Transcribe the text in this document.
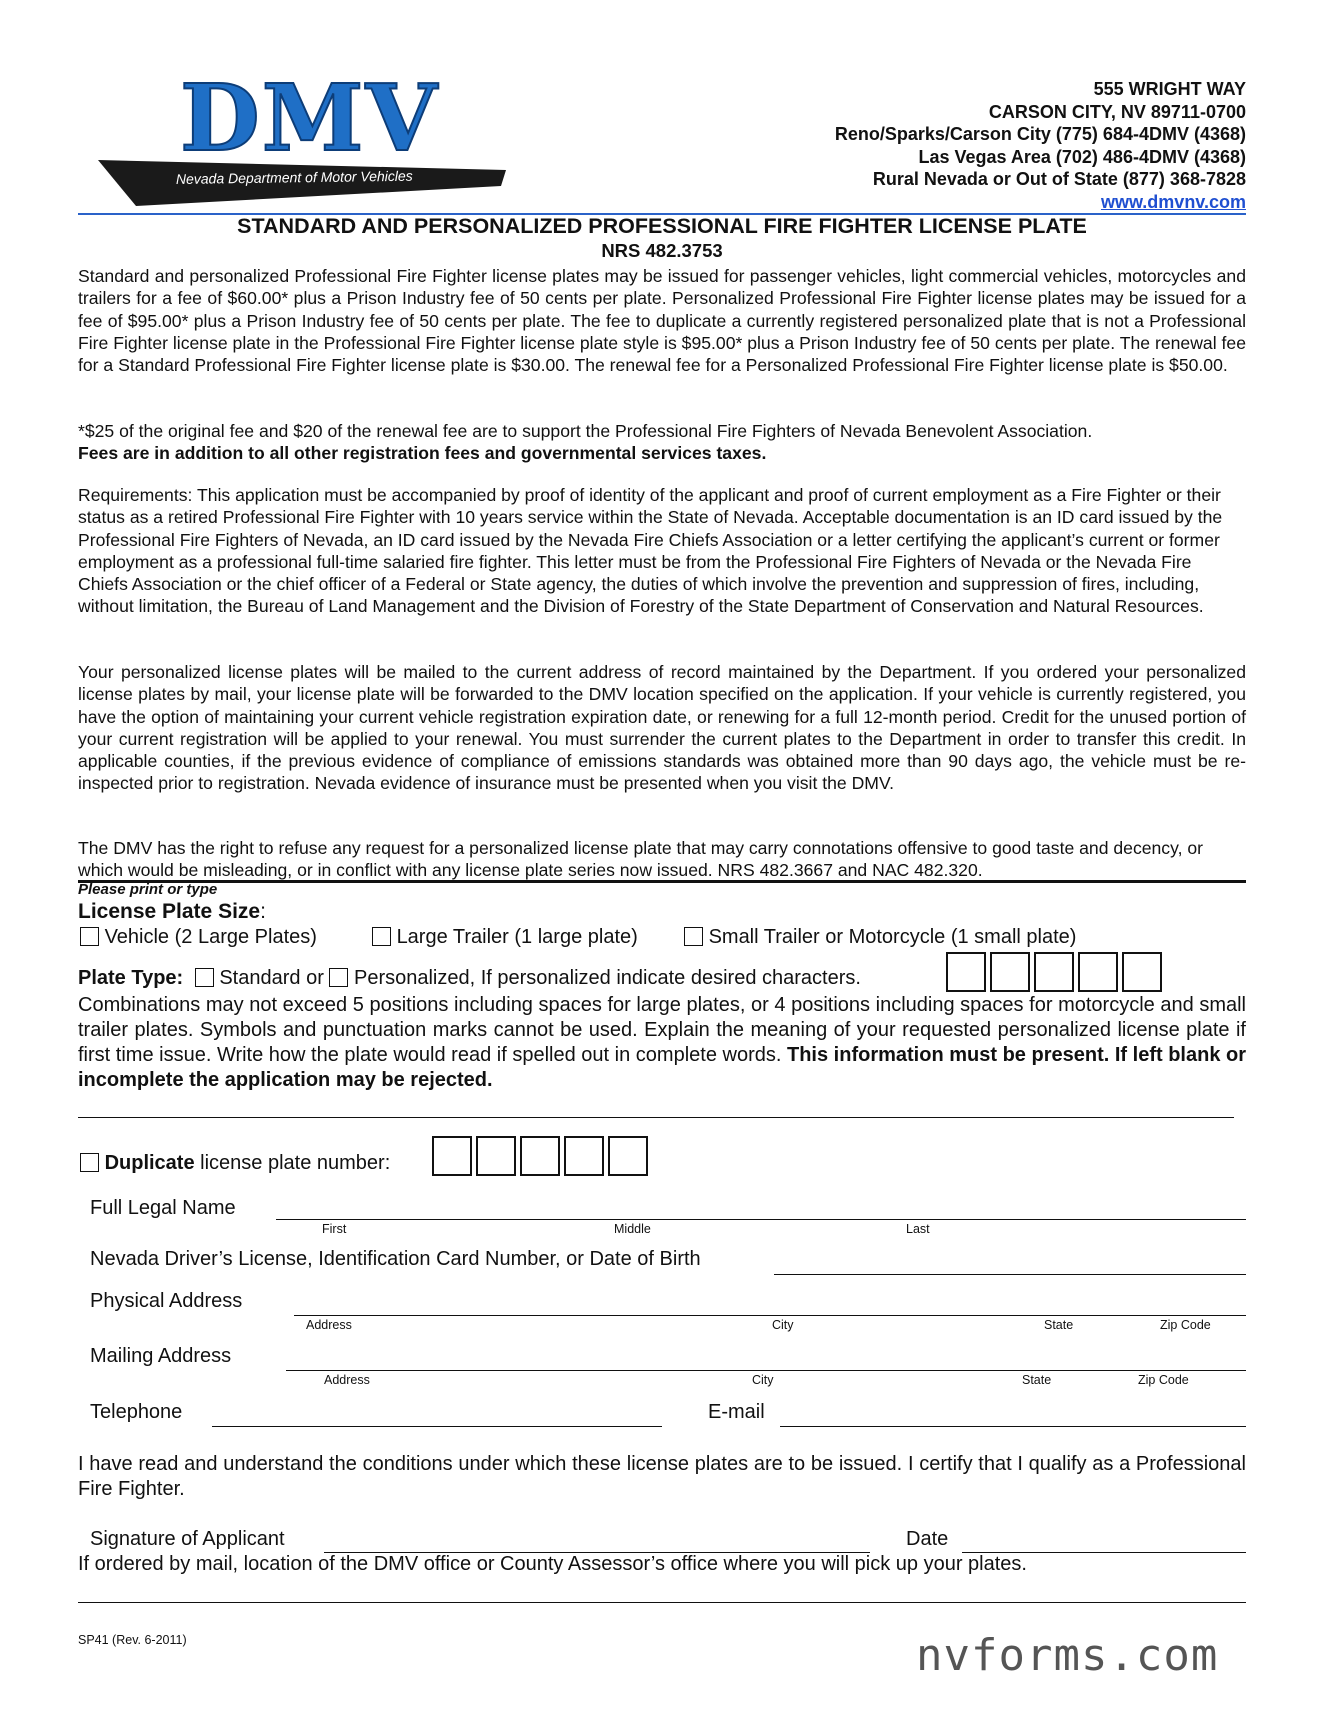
DMV
Nevada Department of Motor Vehicles
555 WRIGHT WAY
CARSON CITY, NV 89711-0700
Reno/Sparks/Carson City (775) 684-4DMV (4368)
Las Vegas Area (702) 486-4DMV (4368)
Rural Nevada or Out of State (877) 368-7828
www.dmvnv.com
STANDARD AND PERSONALIZED PROFESSIONAL FIRE FIGHTER LICENSE PLATE
NRS 482.3753
Standard and personalized Professional Fire Fighter license plates may be issued for passenger vehicles, light commercial vehicles, motorcycles and trailers for a fee of $60.00* plus a Prison Industry fee of 50 cents per plate. Personalized Professional Fire Fighter license plates may be issued for a fee of $95.00* plus a Prison Industry fee of 50 cents per plate. The fee to duplicate a currently registered personalized plate that is not a Professional Fire Fighter license plate in the Professional Fire Fighter license plate style is $95.00* plus a Prison Industry fee of 50 cents per plate. The renewal fee for a Standard Professional Fire Fighter license plate is $30.00. The renewal fee for a Personalized Professional Fire Fighter license plate is $50.00.
*$25 of the original fee and $20 of the renewal fee are to support the Professional Fire Fighters of Nevada Benevolent Association.
Fees are in addition to all other registration fees and governmental services taxes.
Requirements: This application must be accompanied by proof of identity of the applicant and proof of current employment as a Fire Fighter or their status as a retired Professional Fire Fighter with 10 years service within the State of Nevada. Acceptable documentation is an ID card issued by the Professional Fire Fighters of Nevada, an ID card issued by the Nevada Fire Chiefs Association or a letter certifying the applicant’s current or former employment as a professional full-time salaried fire fighter. This letter must be from the Professional Fire Fighters of Nevada or the Nevada Fire Chiefs Association or the chief officer of a Federal or State agency, the duties of which involve the prevention and suppression of fires, including, without limitation, the Bureau of Land Management and the Division of Forestry of the State Department of Conservation and Natural Resources.
Your personalized license plates will be mailed to the current address of record maintained by the Department. If you ordered your personalized license plates by mail, your license plate will be forwarded to the DMV location specified on the application. If your vehicle is currently registered, you have the option of maintaining your current vehicle registration expiration date, or renewing for a full 12-month period. Credit for the unused portion of your current registration will be applied to your renewal. You must surrender the current plates to the Department in order to transfer this credit. In applicable counties, if the previous evidence of compliance of emissions standards was obtained more than 90 days ago, the vehicle must be re-inspected prior to registration. Nevada evidence of insurance must be presented when you visit the DMV.
The DMV has the right to refuse any request for a personalized license plate that may carry connotations offensive to good taste and decency, or which would be misleading, or in conflict with any license plate series now issued. NRS 482.3667 and NAC 482.320.
Please print or type
License Plate Size:
Vehicle (2 Large Plates)	Large Trailer (1 large plate)	Small Trailer or Motorcycle (1 small plate)
Plate Type: Standard or Personalized, If personalized indicate desired characters.
Combinations may not exceed 5 positions including spaces for large plates, or 4 positions including spaces for motorcycle and small trailer plates. Symbols and punctuation marks cannot be used. Explain the meaning of your requested personalized license plate if first time issue. Write how the plate would read if spelled out in complete words. This information must be present. If left blank or incomplete the application may be rejected.
Duplicate license plate number:
Full Legal Name
First	Middle	Last
Nevada Driver’s License, Identification Card Number, or Date of Birth
Physical Address
Address	City	State	Zip Code
Mailing Address
Address	City	State	Zip Code
Telephone	E-mail
I have read and understand the conditions under which these license plates are to be issued. I certify that I qualify as a Professional Fire Fighter.
Signature of Applicant	Date
If ordered by mail, location of the DMV office or County Assessor’s office where you will pick up your plates.
SP41 (Rev. 6-2011)	nvforms.com
